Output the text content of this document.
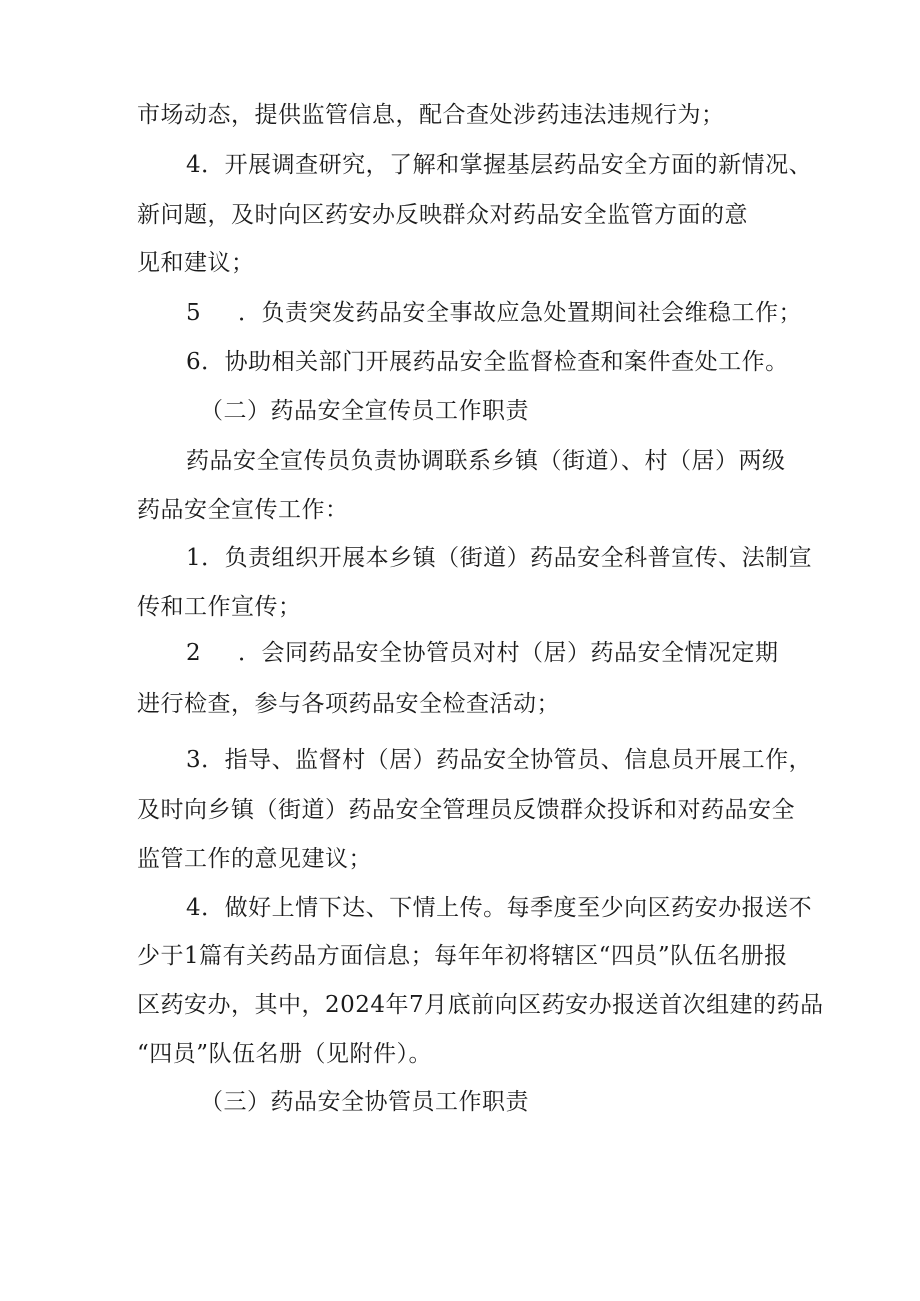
市场动态，提供监管信息，配合查处涉药违法违规行为；
4．开展调查研究，了解和掌握基层药品安全方面的新情况、
新问题，及时向区药安办反映群众对药品安全监管方面的意
见和建议；
5 ．负责突发药品安全事故应急处置期间社会维稳工作；
6．协助相关部门开展药品安全监督检查和案件查处工作。
（二）药品安全宣传员工作职责
药品安全宣传员负责协调联系乡镇（街道）、村（居）两级
药品安全宣传工作：
1．负责组织开展本乡镇（街道）药品安全科普宣传、法制宣
传和工作宣传；
2 ．会同药品安全协管员对村（居）药品安全情况定期
进行检查，参与各项药品安全检查活动；
3．指导、监督村（居）药品安全协管员、信息员开展工作，
及时向乡镇（街道）药品安全管理员反馈群众投诉和对药品安全
监管工作的意见建议；
4．做好上情下达、下情上传。每季度至少向区药安办报送不
少于1篇有关药品方面信息；每年年初将辖区“四员”队伍名册报
区药安办，其中，2024年7月底前向区药安办报送首次组建的药品
“四员”队伍名册（见附件）。
（三）药品安全协管员工作职责
